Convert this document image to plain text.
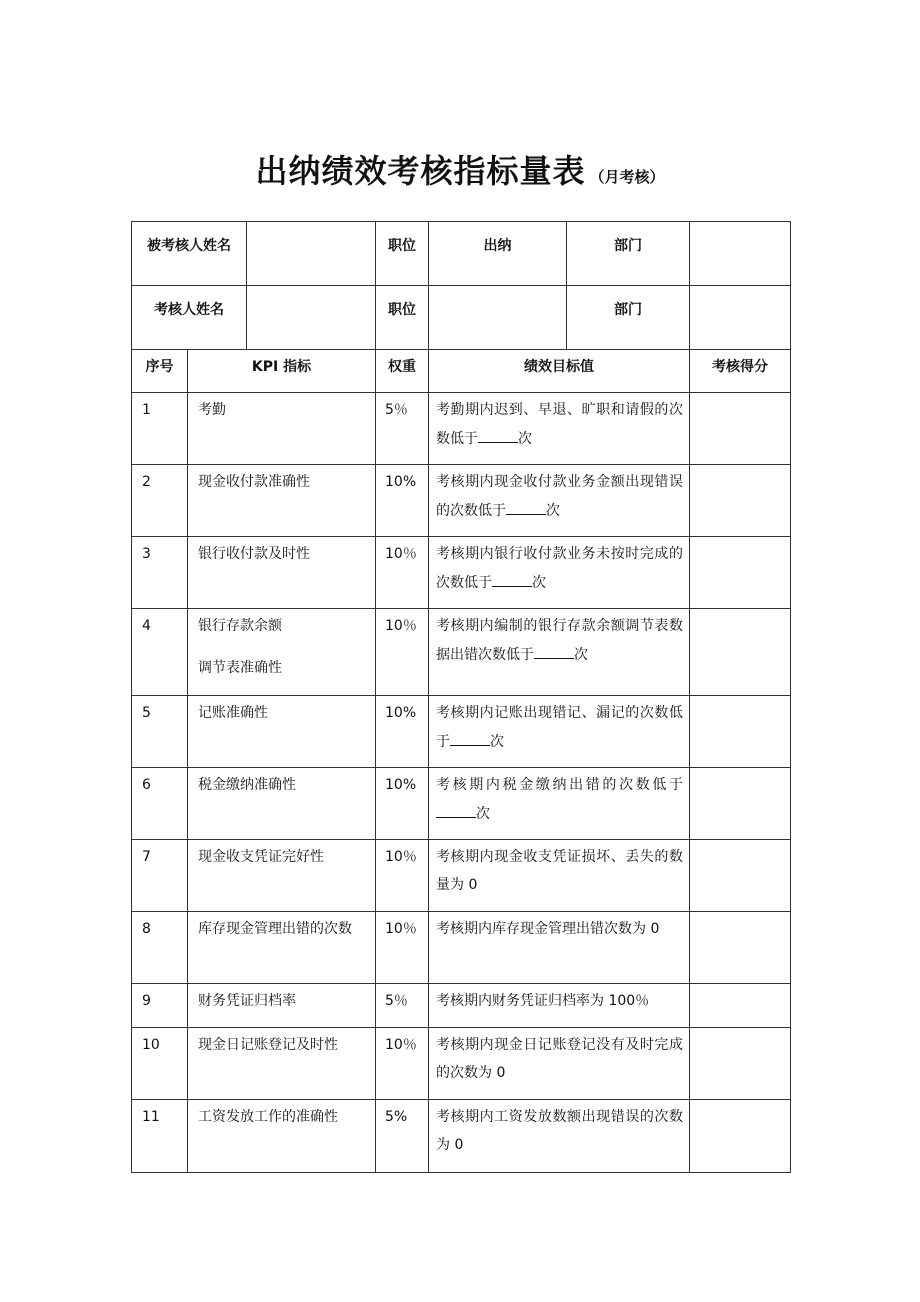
出纳绩效考核指标量表 （月考核）
被考核人姓名			职位	出纳	部门	
考核人姓名			职位		部门	
序号	KPI 指标		权重	绩效目标值		考核得分
1	考勤		5％	考勤期内迟到、早退、旷职和请假的次数低于 次		
2	现金收付款准确性		10%	考核期内现金收付款业务金额出现错误的次数低于 次		
3	银行收付款及时性		10％	考核期内银行收付款业务未按时完成的次数低于 次		
4	银行存款余额
调节表准确性		10％	考核期内编制的银行存款余额调节表数据出错次数低于 次		
5	记账准确性		10%	考核期内记账出现错记、漏记的次数低于 次		
6	税金缴纳准确性		10%	考核期内税金缴纳出错的次数低于次		
7	现金收支凭证完好性		10％	考核期内现金收支凭证损坏、丢失的数量为 0		
8	库存现金管理出错的次数		10％	考核期内库存现金管理出错次数为 0		
9	财务凭证归档率		5％	考核期内财务凭证归档率为 100％		
10	现金日记账登记及时性		10％	考核期内现金日记账登记没有及时完成的次数为 0		
11	工资发放工作的准确性		5%	考核期内工资发放数额出现错误的次数为 0		
